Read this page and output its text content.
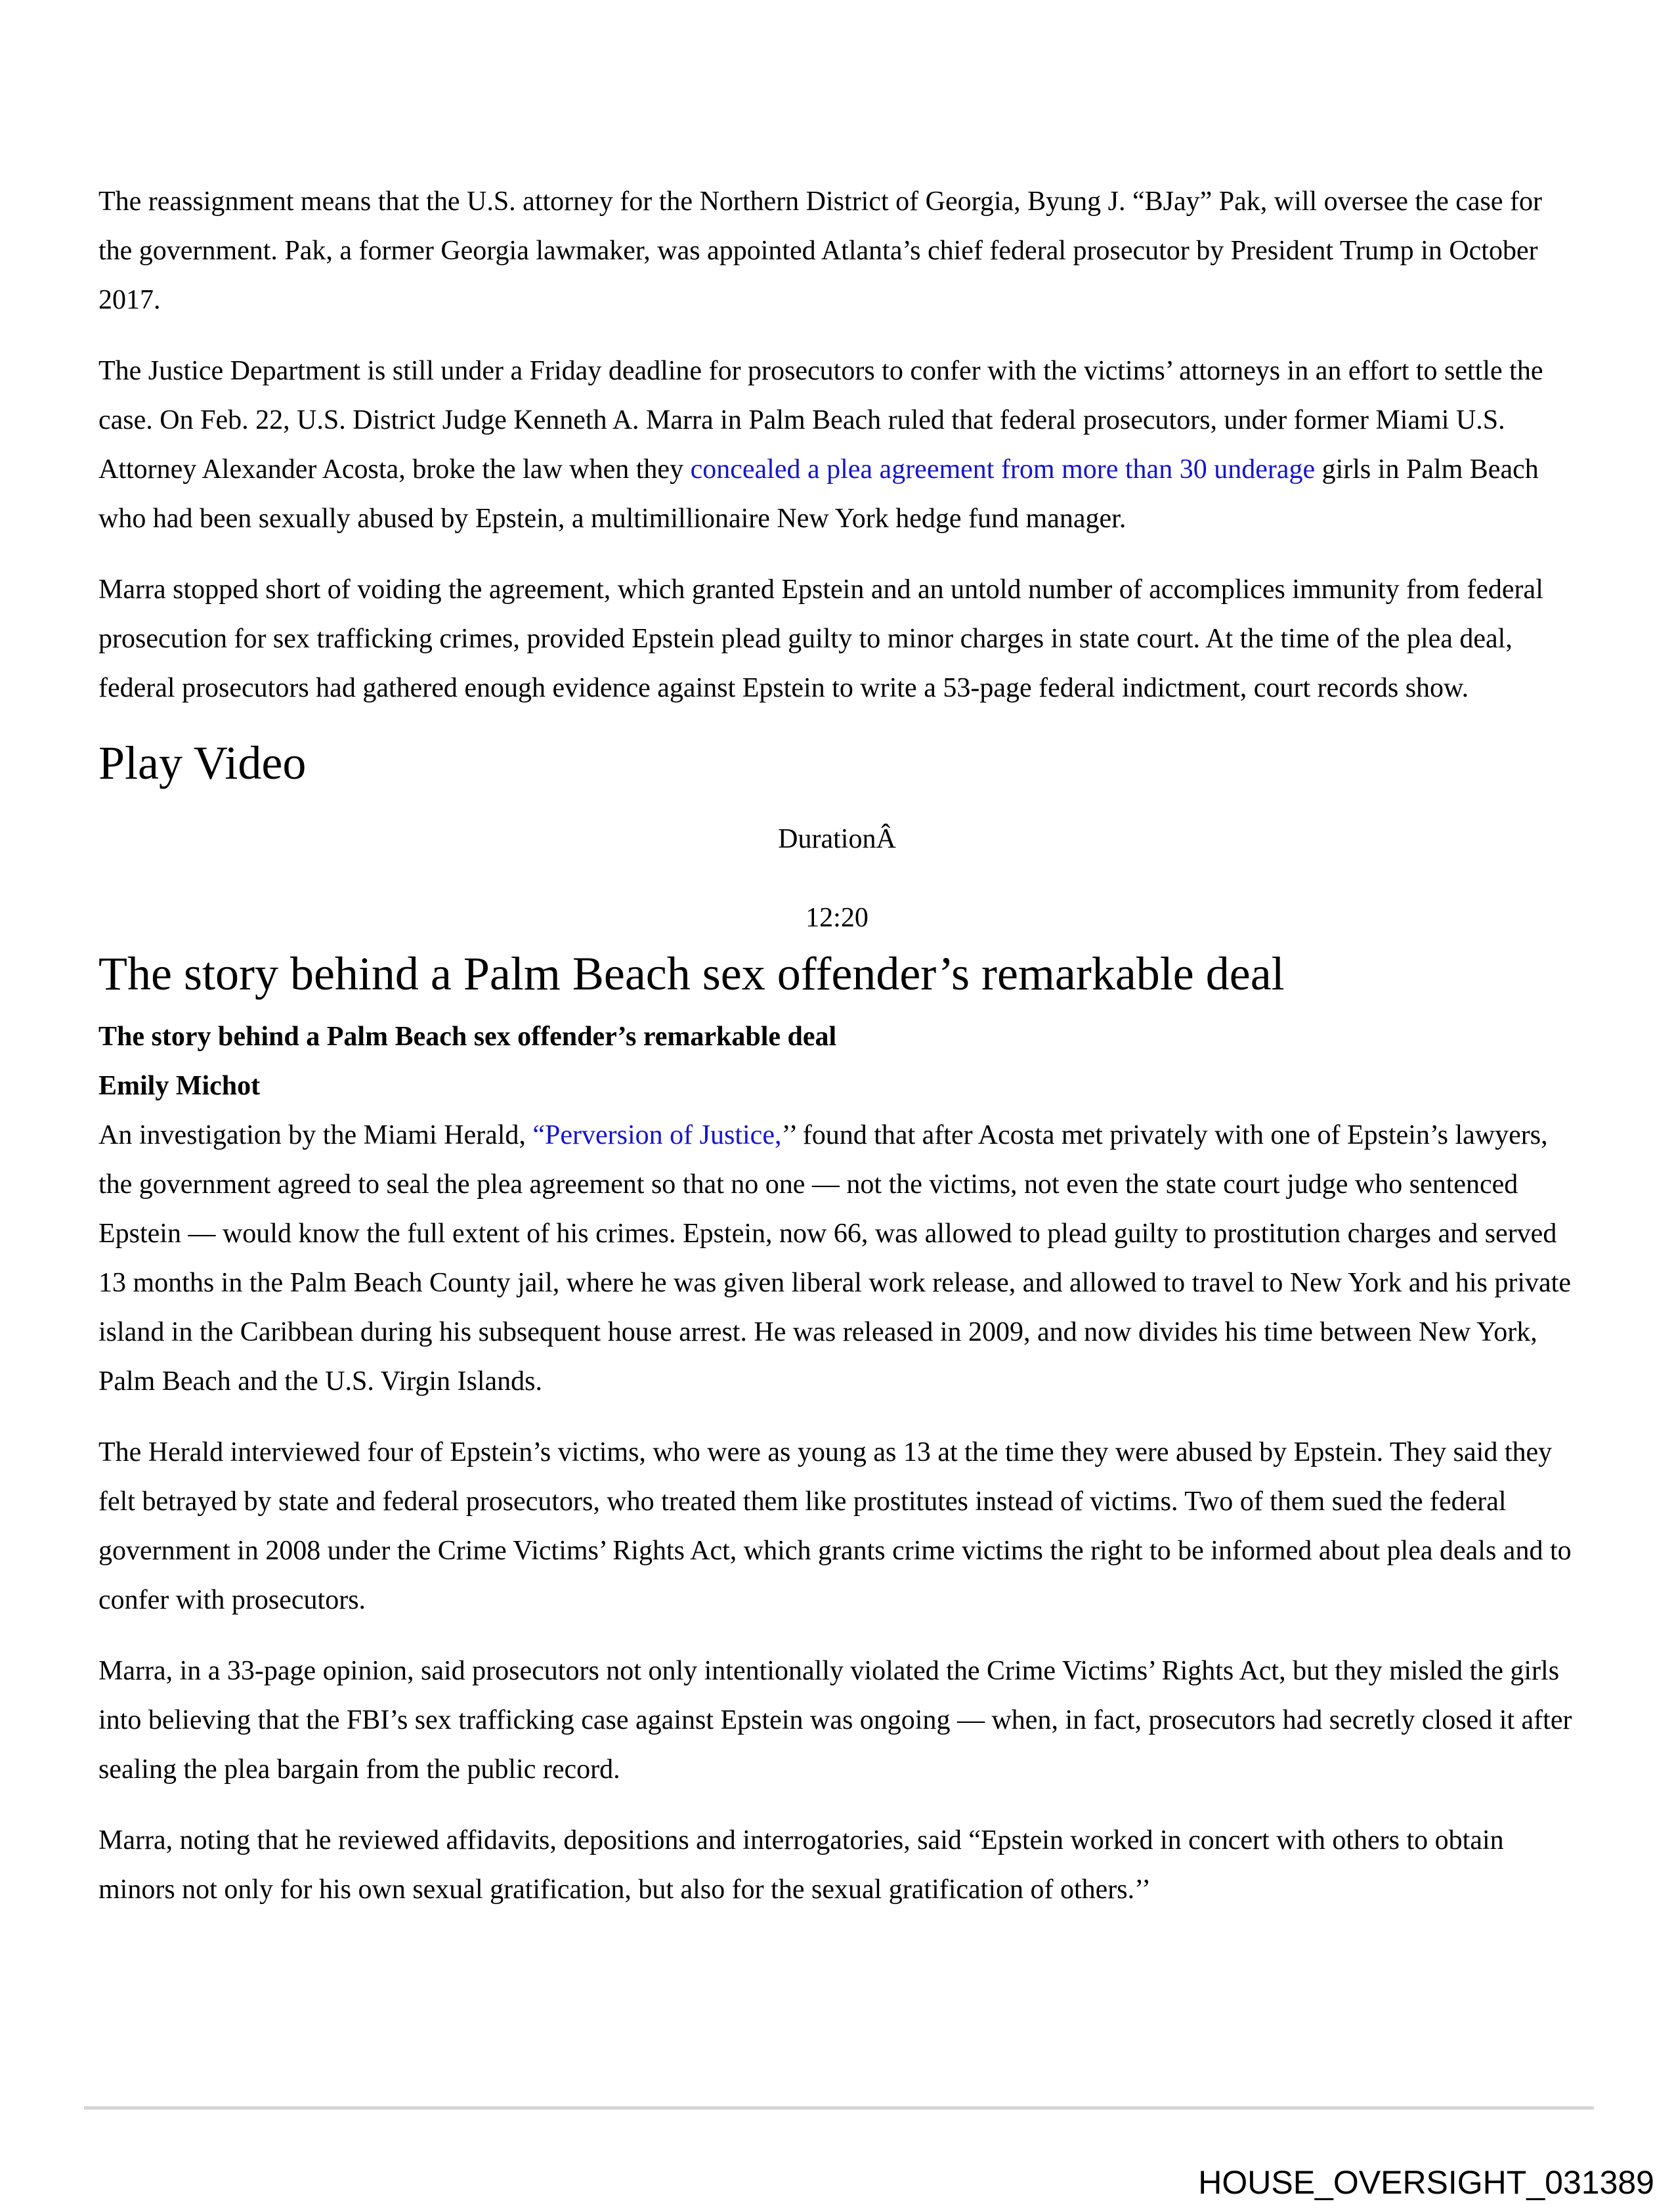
The reassignment means that the U.S. attorney for the Northern District of Georgia, Byung J. “BJay” Pak, will oversee the case for the government. Pak, a former Georgia lawmaker, was appointed Atlanta’s chief federal prosecutor by President Trump in October 2017.

The Justice Department is still under a Friday deadline for prosecutors to confer with the victims’ attorneys in an effort to settle the case. On Feb. 22, U.S. District Judge Kenneth A. Marra in Palm Beach ruled that federal prosecutors, under former Miami U.S. Attorney Alexander Acosta, broke the law when they concealed a plea agreement from more than 30 underage girls in Palm Beach who had been sexually abused by Epstein, a multimillionaire New York hedge fund manager.

Marra stopped short of voiding the agreement, which granted Epstein and an untold number of accomplices immunity from federal prosecution for sex trafficking crimes, provided Epstein plead guilty to minor charges in state court. At the time of the plea deal, federal prosecutors had gathered enough evidence against Epstein to write a 53-page federal indictment, court records show.

Play Video
DurationÂ
12:20
The story behind a Palm Beach sex offender’s remarkable deal
The story behind a Palm Beach sex offender’s remarkable deal
Emily Michot

An investigation by the Miami Herald, “Perversion of Justice,’’ found that after Acosta met privately with one of Epstein’s lawyers, the government agreed to seal the plea agreement so that no one — not the victims, not even the state court judge who sentenced Epstein — would know the full extent of his crimes. Epstein, now 66, was allowed to plead guilty to prostitution charges and served 13 months in the Palm Beach County jail, where he was given liberal work release, and allowed to travel to New York and his private island in the Caribbean during his subsequent house arrest. He was released in 2009, and now divides his time between New York, Palm Beach and the U.S. Virgin Islands.

The Herald interviewed four of Epstein’s victims, who were as young as 13 at the time they were abused by Epstein. They said they felt betrayed by state and federal prosecutors, who treated them like prostitutes instead of victims. Two of them sued the federal government in 2008 under the Crime Victims’ Rights Act, which grants crime victims the right to be informed about plea deals and to confer with prosecutors.

Marra, in a 33-page opinion, said prosecutors not only intentionally violated the Crime Victims’ Rights Act, but they misled the girls into believing that the FBI’s sex trafficking case against Epstein was ongoing — when, in fact, prosecutors had secretly closed it after sealing the plea bargain from the public record.

Marra, noting that he reviewed affidavits, depositions and interrogatories, said “Epstein worked in concert with others to obtain minors not only for his own sexual gratification, but also for the sexual gratification of others.’’

HOUSE_OVERSIGHT_031389
